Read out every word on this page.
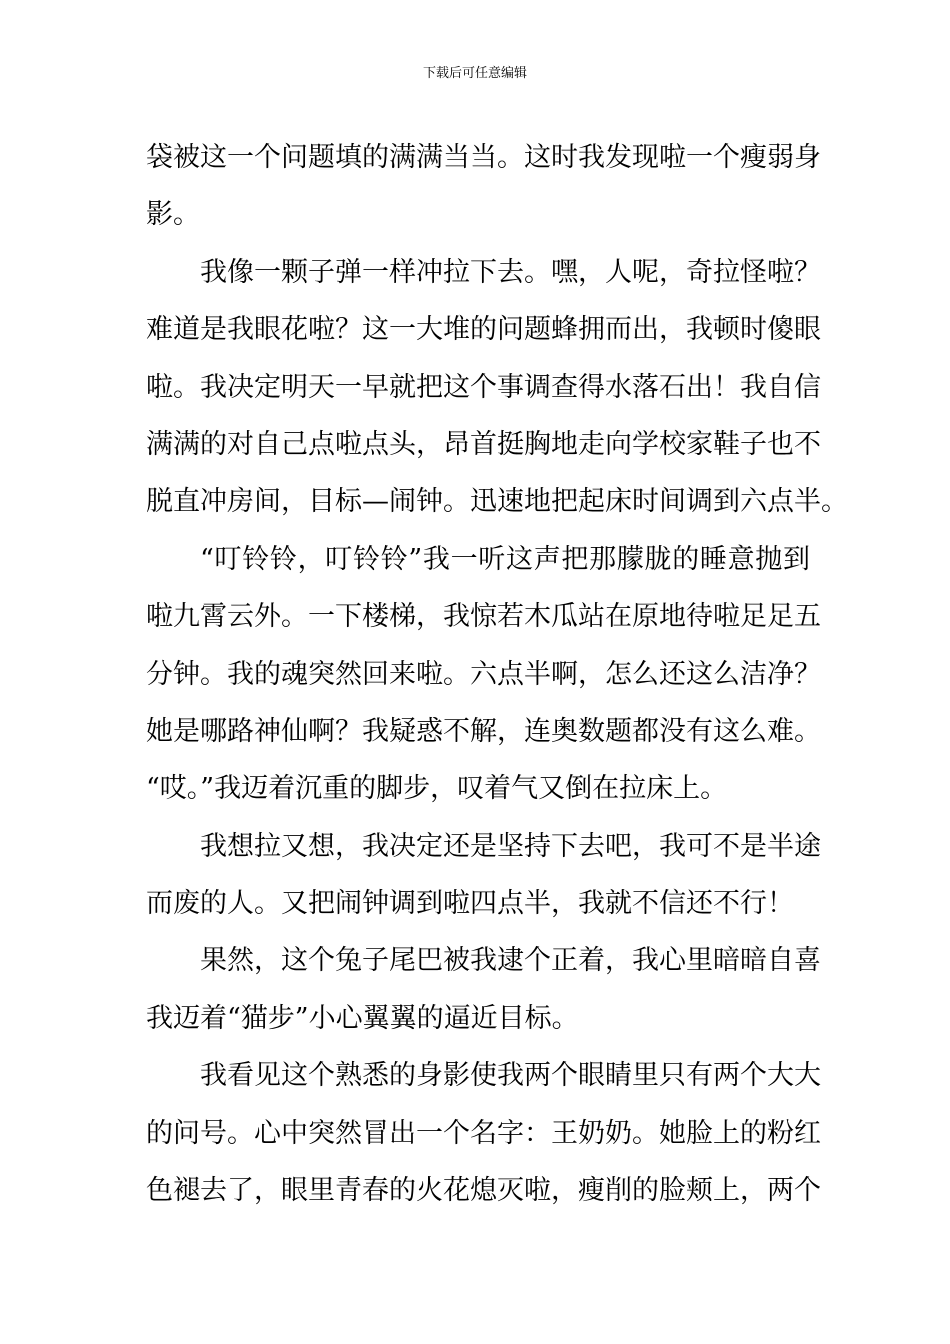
下载后可任意编辑
袋被这一个问题填的满满当当。这时我发现啦一个瘦弱身
影。
我像一颗子弹一样冲拉下去。嘿，人呢，奇拉怪啦？
难道是我眼花啦？这一大堆的问题蜂拥而出，我顿时傻眼
啦。我决定明天一早就把这个事调查得水落石出！我自信
满满的对自己点啦点头，昂首挺胸地走向学校家鞋子也不
脱直冲房间，目标—闹钟。迅速地把起床时间调到六点半。
“叮铃铃，叮铃铃”我一听这声把那朦胧的睡意抛到
啦九霄云外。一下楼梯，我惊若木瓜站在原地待啦足足五
分钟。我的魂突然回来啦。六点半啊，怎么还这么洁净？
她是哪路神仙啊？我疑惑不解，连奥数题都没有这么难。
“哎。”我迈着沉重的脚步，叹着气又倒在拉床上。
我想拉又想，我决定还是坚持下去吧，我可不是半途
而废的人。又把闹钟调到啦四点半，我就不信还不行！
果然，这个兔子尾巴被我逮个正着，我心里暗暗自喜
我迈着“猫步”小心翼翼的逼近目标。
我看见这个熟悉的身影使我两个眼睛里只有两个大大
的问号。心中突然冒出一个名字：王奶奶。她脸上的粉红
色褪去了，眼里青春的火花熄灭啦，瘦削的脸颊上，两个
